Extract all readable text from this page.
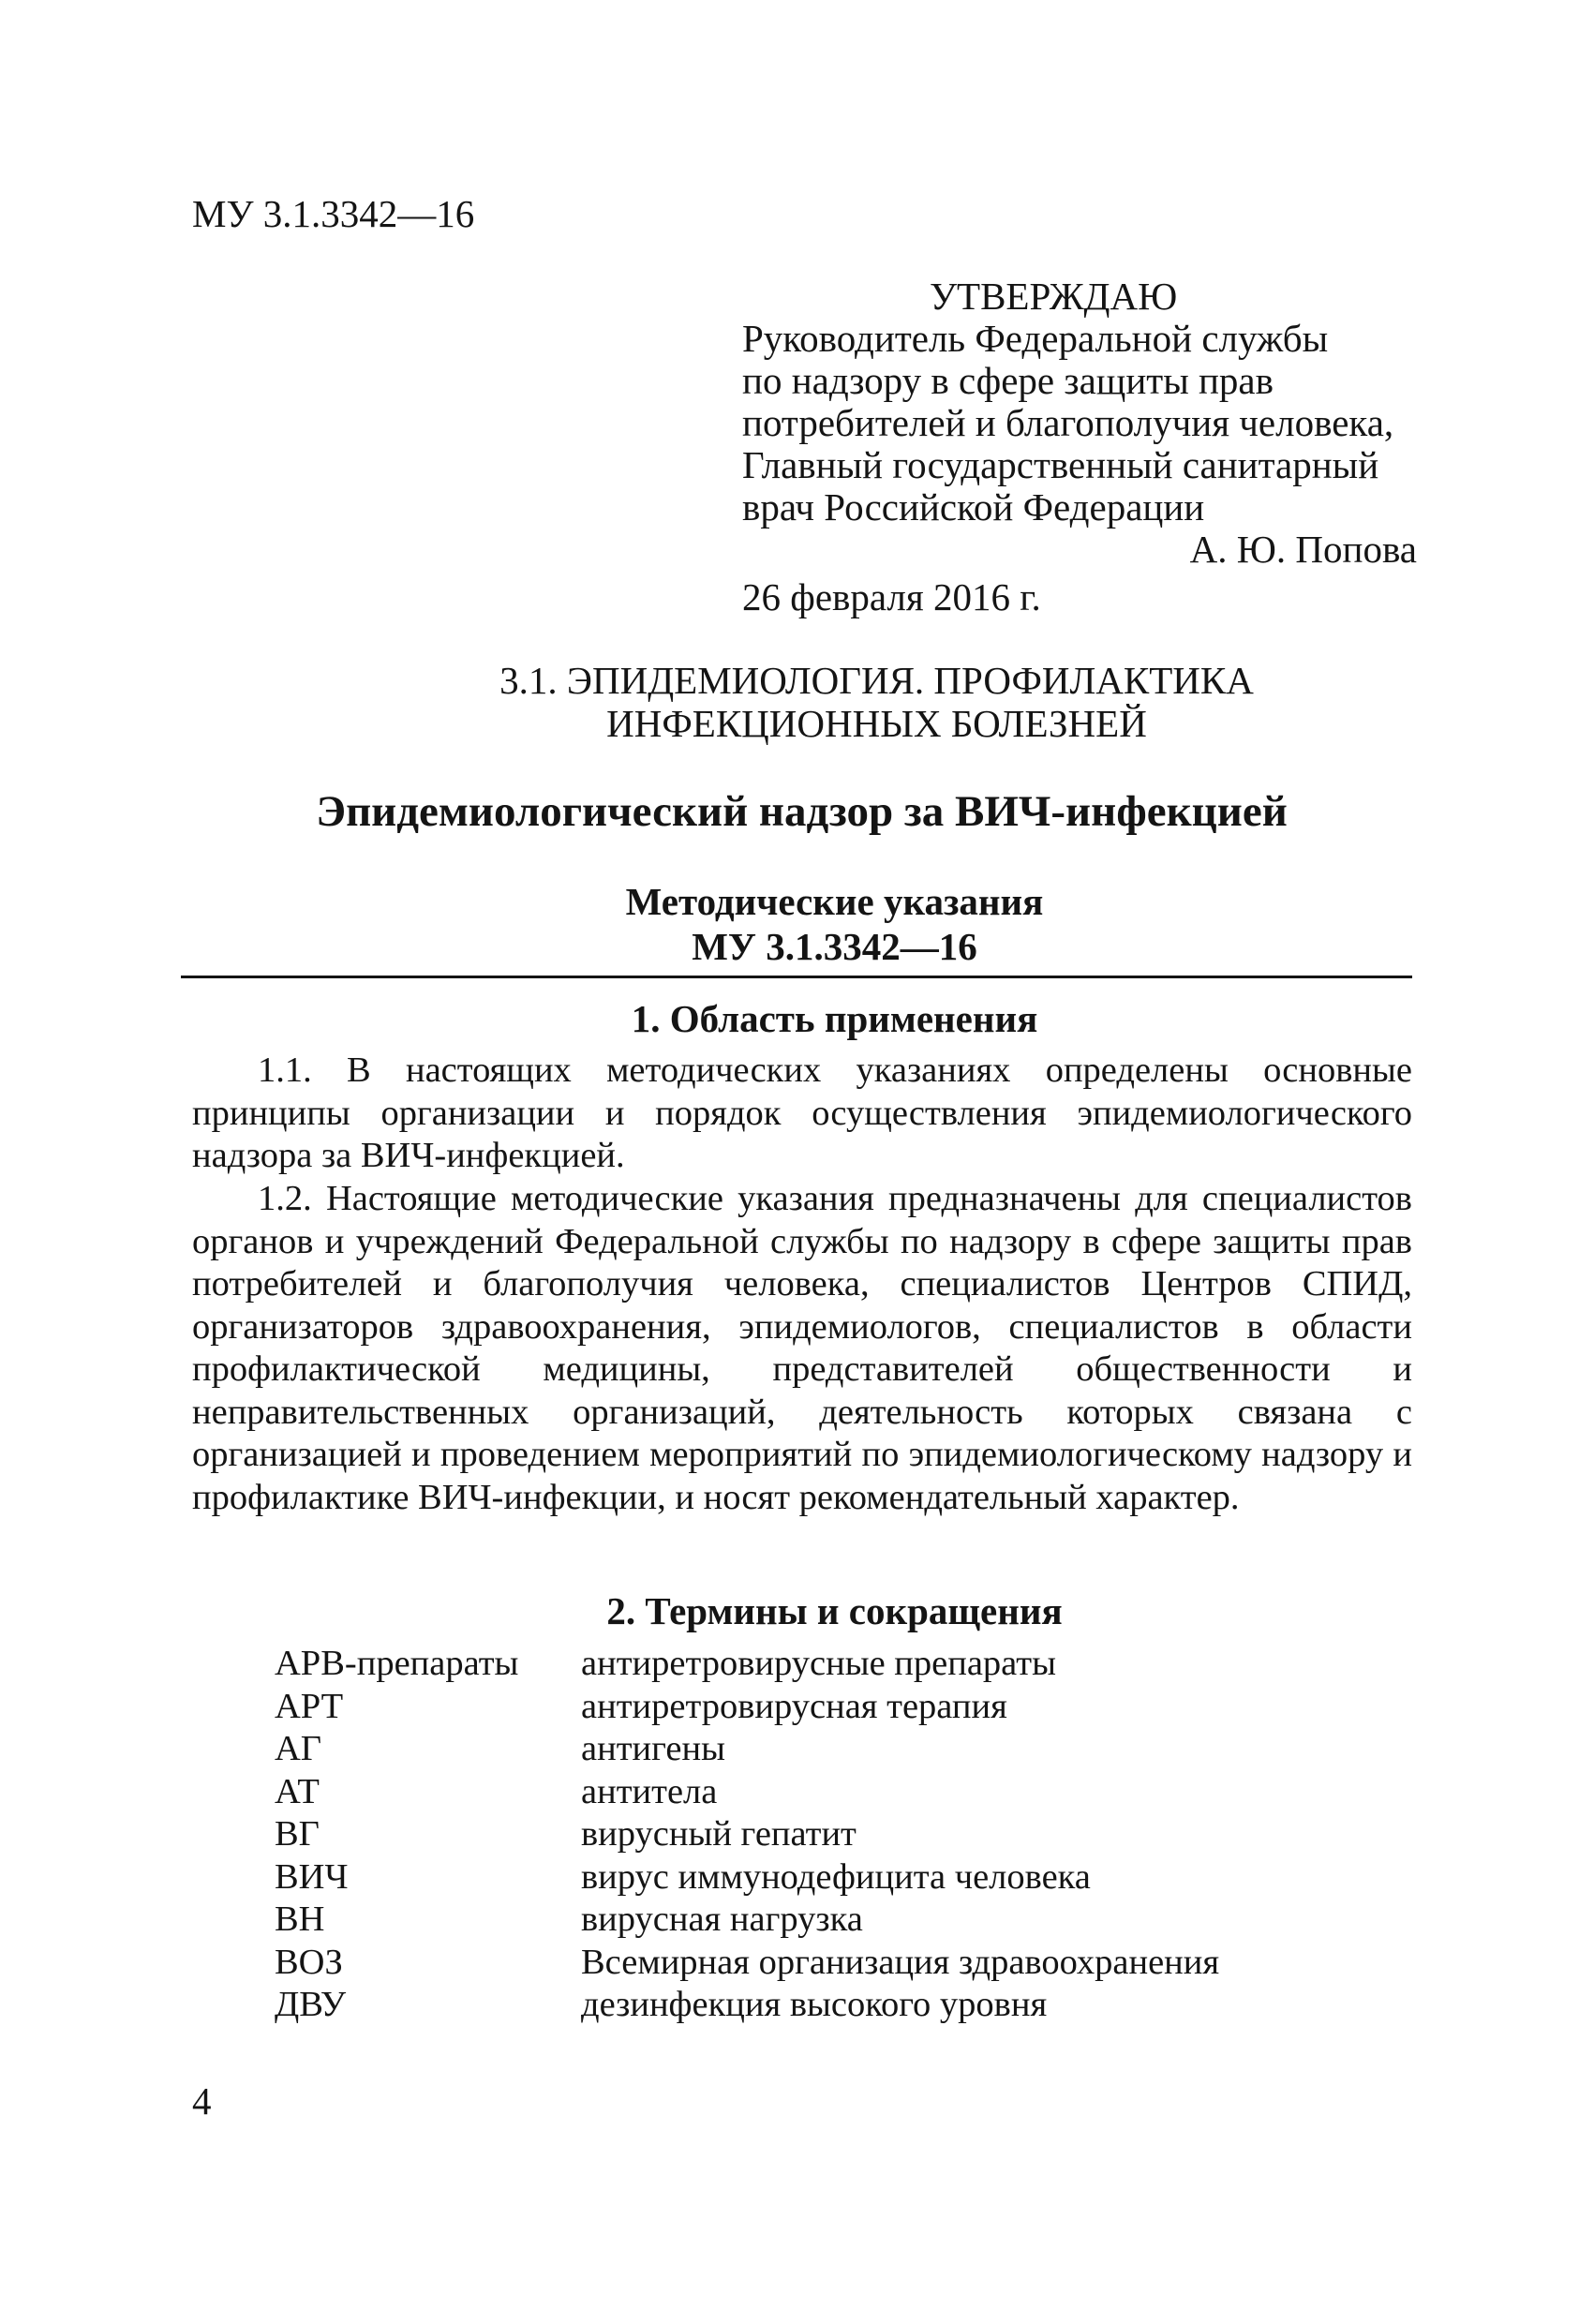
МУ 3.1.3342—16
УТВЕРЖДАЮ
Руководитель Федеральной службы
по надзору в сфере защиты прав
потребителей и благополучия человека,
Главный государственный санитарный
врач Российской Федерации
А. Ю. Попова
26 февраля 2016 г.
3.1. ЭПИДЕМИОЛОГИЯ. ПРОФИЛАКТИКА
ИНФЕКЦИОННЫХ БОЛЕЗНЕЙ
Эпидемиологический надзор за ВИЧ-инфекцией
Методические указания
МУ 3.1.3342—16
1. Область применения

1.1. В настоящих методических указаниях определены основные принципы организации и порядок осуществления эпидемиологического надзора за ВИЧ-инфекцией.

1.2. Настоящие методические указания предназначены для специалистов органов и учреждений Федеральной службы по надзору в сфере защиты прав потребителей и благополучия человека, специалистов Центров СПИД, организаторов здравоохранения, эпидемиологов, специалистов в области профилактической медицины, представителей общественности и неправительственных организаций, деятельность которых связана с организацией и проведением мероприятий по эпидемиологическому надзору и профилактике ВИЧ-инфекции, и носят рекомендательный характер.

2. Термины и сокращения
АРВ-препараты	антиретровирусные препараты
АРТ	антиретровирусная терапия
АГ	антигены
АТ	антитела
ВГ	вирусный гепатит
ВИЧ	вирус иммунодефицита человека
ВН	вирусная нагрузка
ВОЗ	Всемирная организация здравоохранения
ДВУ	дезинфекция высокого уровня
4
